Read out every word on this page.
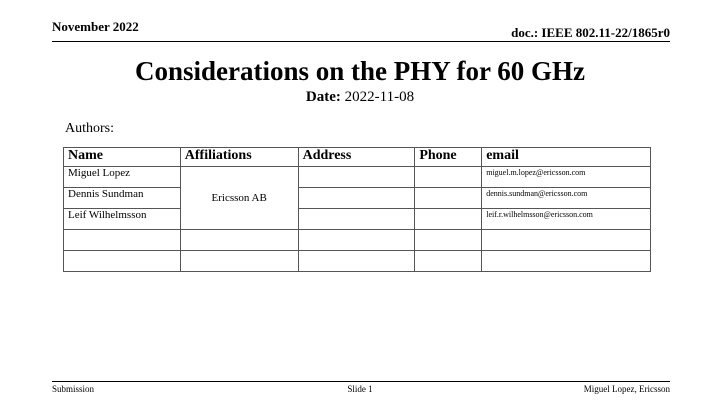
November 2022	doc.: IEEE 802.11-22/1865r0
Considerations on the PHY for 60 GHz
Date: 2022-11-08
Authors:
Name	Affiliations	Address	Phone	email
Miguel Lopez	Ericsson AB			miguel.m.lopez@ericsson.com
Dennis Sundman				dennis.sundman@ericsson.com
Leif Wilhelmsson				leif.r.wilhelmsson@ericsson.com

Submission	Slide 1	Miguel Lopez, Ericsson
